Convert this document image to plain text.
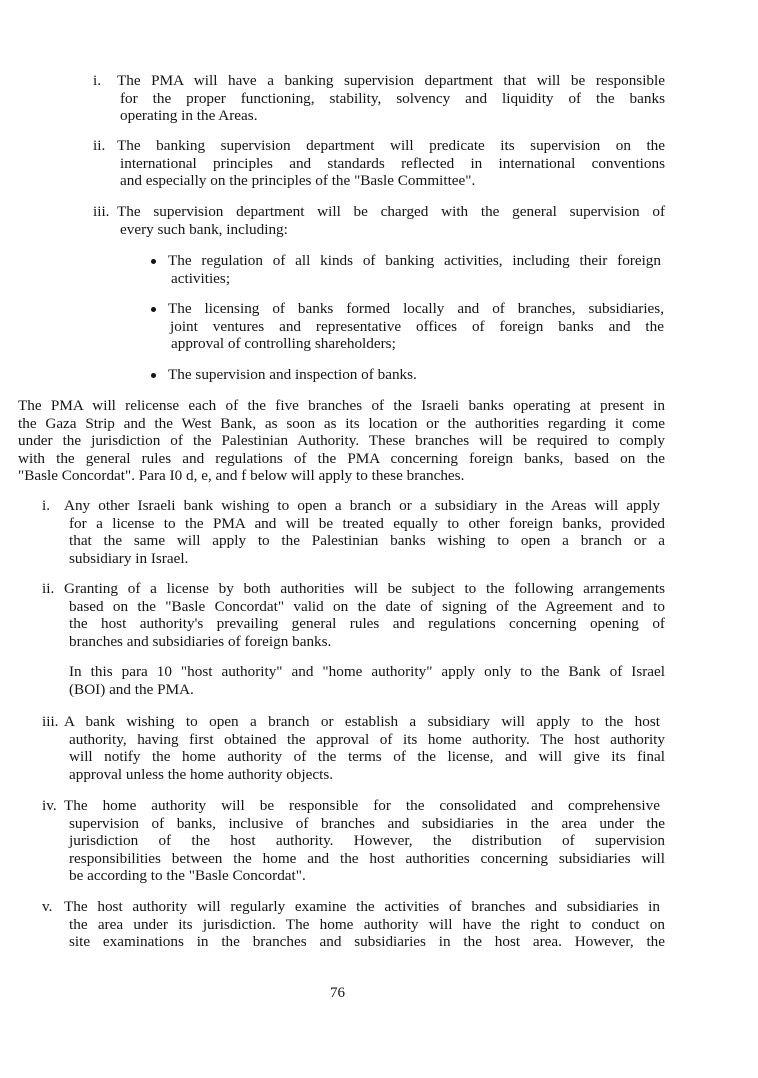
i. The PMA will have a banking supervision department that will be responsible
for the proper functioning, stability, solvency and liquidity of the banks
operating in the Areas.
ii. The banking supervision department will predicate its supervision on the
international principles and standards reflected in international conventions
and especially on the principles of the "Basle Committee".
iii. The supervision department will be charged with the general supervision of
every such bank, including:
The regulation of all kinds of banking activities, including their foreign
activities;
The licensing of banks formed locally and of branches, subsidiaries,
joint ventures and representative offices of foreign banks and the
approval of controlling shareholders;
The supervision and inspection of banks.
The PMA will relicense each of the five branches of the Israeli banks operating at present in
the Gaza Strip and the West Bank, as soon as its location or the authorities regarding it come
under the jurisdiction of the Palestinian Authority. These branches will be required to comply
with the general rules and regulations of the PMA concerning foreign banks, based on the
"Basle Concordat". Para I0 d, e, and f below will apply to these branches.
i. Any other Israeli bank wishing to open a branch or a subsidiary in the Areas will apply
for a license to the PMA and will be treated equally to other foreign banks, provided
that the same will apply to the Palestinian banks wishing to open a branch or a
subsidiary in Israel.
ii. Granting of a license by both authorities will be subject to the following arrangements
based on the "Basle Concordat" valid on the date of signing of the Agreement and to
the host authority's prevailing general rules and regulations concerning opening of
branches and subsidiaries of foreign banks.
In this para 10 "host authority" and "home authority" apply only to the Bank of Israel
(BOI) and the PMA.
iii. A bank wishing to open a branch or establish a subsidiary will apply to the host
authority, having first obtained the approval of its home authority. The host authority
will notify the home authority of the terms of the license, and will give its final
approval unless the home authority objects.
iv. The home authority will be responsible for the consolidated and comprehensive
supervision of banks, inclusive of branches and subsidiaries in the area under the
jurisdiction of the host authority. However, the distribution of supervision
responsibilities between the home and the host authorities concerning subsidiaries will
be according to the "Basle Concordat".
v. The host authority will regularly examine the activities of branches and subsidiaries in
the area under its jurisdiction. The home authority will have the right to conduct on
site examinations in the branches and subsidiaries in the host area. However, the
76
